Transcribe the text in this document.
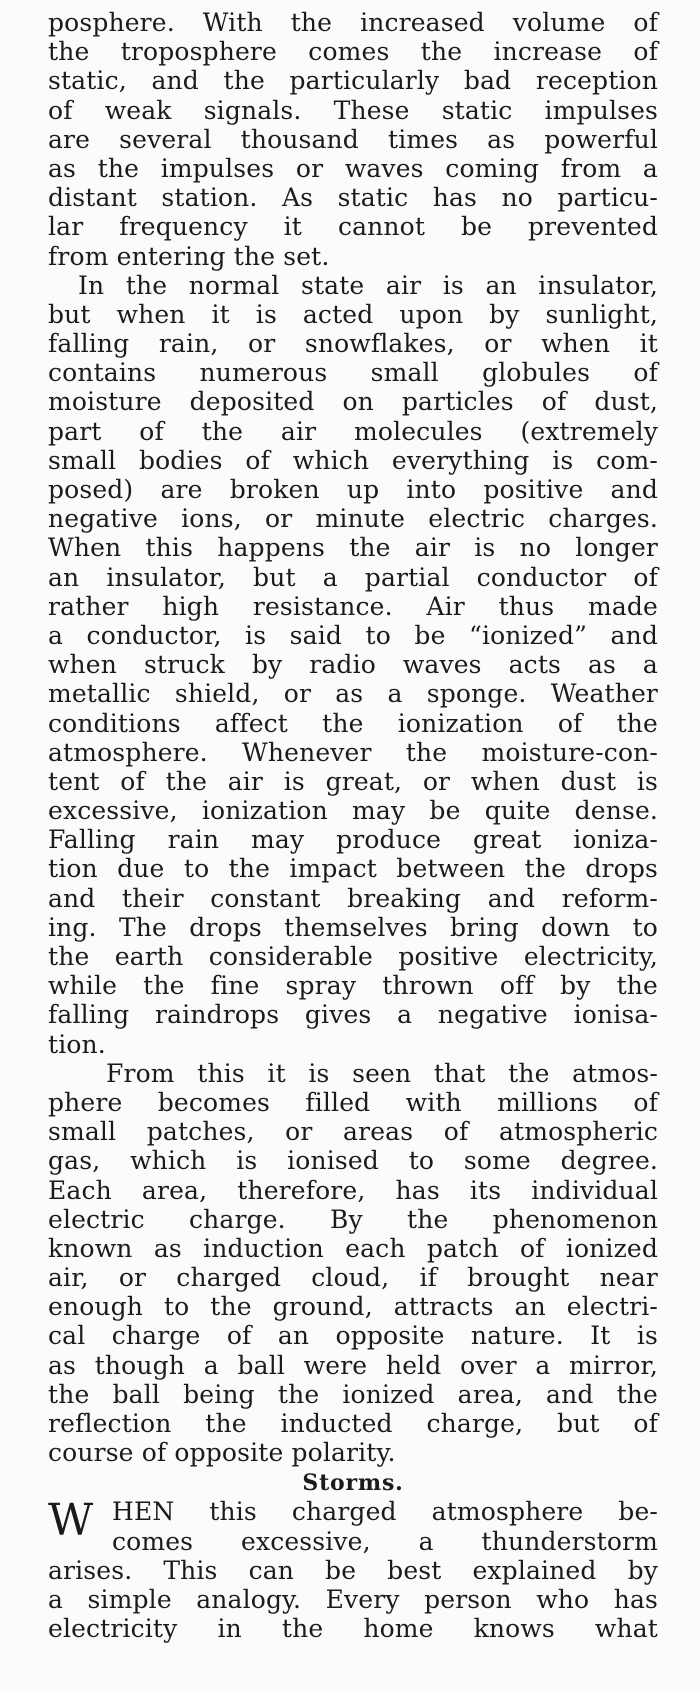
posphere. With the increased volume of
the troposphere comes the increase of
static, and the particularly bad reception
of weak signals. These static impulses
are several thousand times as powerful
as the impulses or waves coming from a
distant station. As static has no particu-
lar frequency it cannot be prevented
from entering the set.
In the normal state air is an insulator,
but when it is acted upon by sunlight,
falling rain, or snowflakes, or when it
contains numerous small globules of
moisture deposited on particles of dust,
part of the air molecules (extremely
small bodies of which everything is com-
posed) are broken up into positive and
negative ions, or minute electric charges.
When this happens the air is no longer
an insulator, but a partial conductor of
rather high resistance. Air thus made
a conductor, is said to be “ionized” and
when struck by radio waves acts as a
metallic shield, or as a sponge. Weather
conditions affect the ionization of the
atmosphere. Whenever the moisture-con-
tent of the air is great, or when dust is
excessive, ionization may be quite dense.
Falling rain may produce great ioniza-
tion due to the impact between the drops
and their constant breaking and reform-
ing. The drops themselves bring down to
the earth considerable positive electricity,
while the fine spray thrown off by the
falling raindrops gives a negative ionisa-
tion.
From this it is seen that the atmos-
phere becomes filled with millions of
small patches, or areas of atmospheric
gas, which is ionised to some degree.
Each area, therefore, has its individual
electric charge. By the phenomenon
known as induction each patch of ionized
air, or charged cloud, if brought near
enough to the ground, attracts an electri-
cal charge of an opposite nature. It is
as though a ball were held over a mirror,
the ball being the ionized area, and the
reflection the inducted charge, but of
course of opposite polarity.
Storms.
W HEN this charged atmosphere be-
comes excessive, a thunderstorm
arises. This can be best explained by
a simple analogy. Every person who has
electricity in the home knows what
